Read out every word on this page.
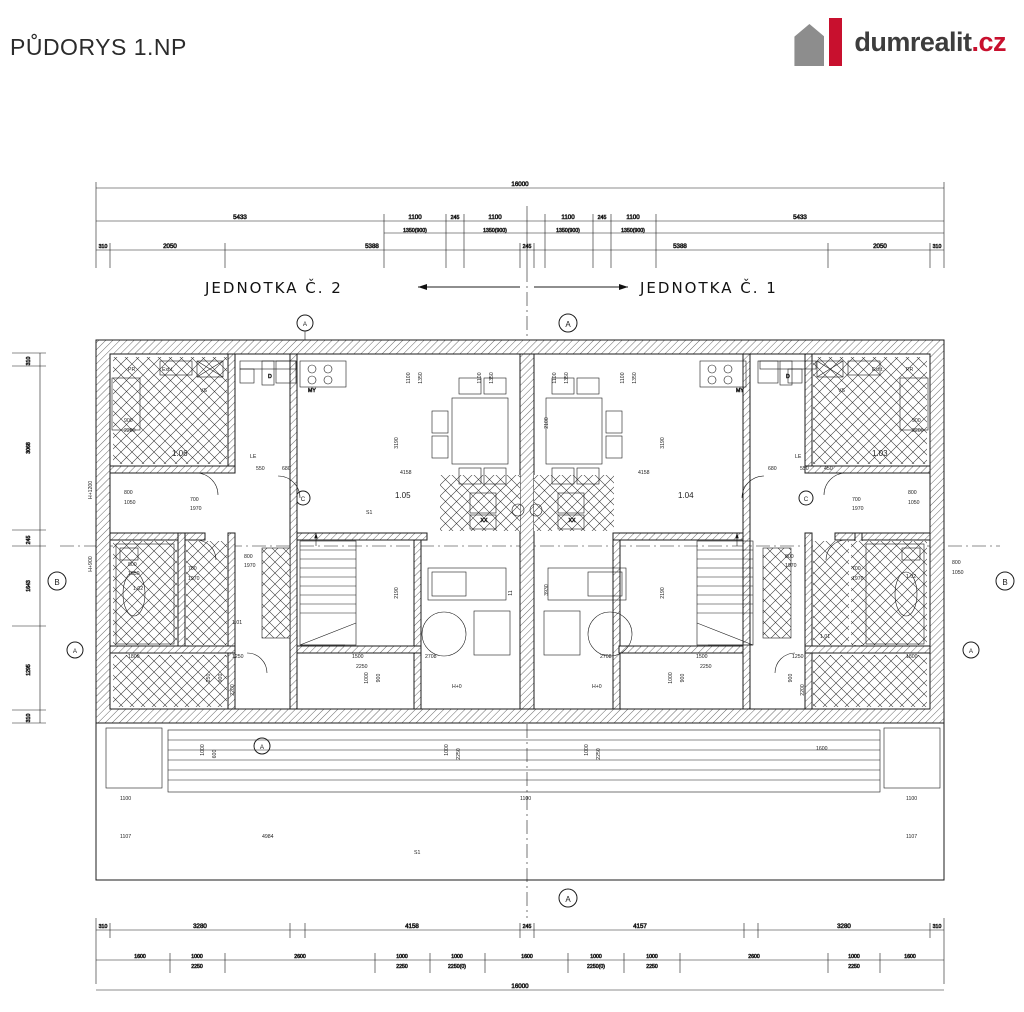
PŮDORYS 1.NP	dumrealit.cz
16000
5433	1100	245	1100	1100	245	1100	5433
1350(900)	1350(900)	1350(900)	1350(900)
310	2050	5388	245	5388	2050	310
JEDNOTKA Č. 2	JEDNOTKA Č. 1
A	A
A
A
B	B
A	A
C	C
310
3068
245
1643
1295
310
D
MY
D
MY
XX	XX
1.06
1.05	1.04
1.03
1.02
1.01
1.02
1.01
PR	Exf.t.	Exf.t.	PR
VS	VS
LE	LE
900
2200
900
2200
800
1050
800
1050
700
1970
700
1970
700
1970
700
1970
800
1050
800
1970
800
1970
550	680	680	550	450
4158	4158
2708	2708
1800	1250	1250	1800
1500
2250
1500
2250
1100 1350	1100 1350	1100 1350	1100 1350
2100
3190	3190
2190	2190
11	3930
250 900
2200
900
2200
1000 900	1000 900
H+1200
H+900
H+0	H+0
800
1050
1000 2250	1000 2250
1000 600
1600
1100	1100	1100
1107	4984	1107
S1
S1
310	3280	4158	245	4157	3280	310
1600	1000	2600	1000	1000	1600	1000	1000	2600	1000	1600
2250	2250	2250(0)	2250(0)	2250	2250
16000
